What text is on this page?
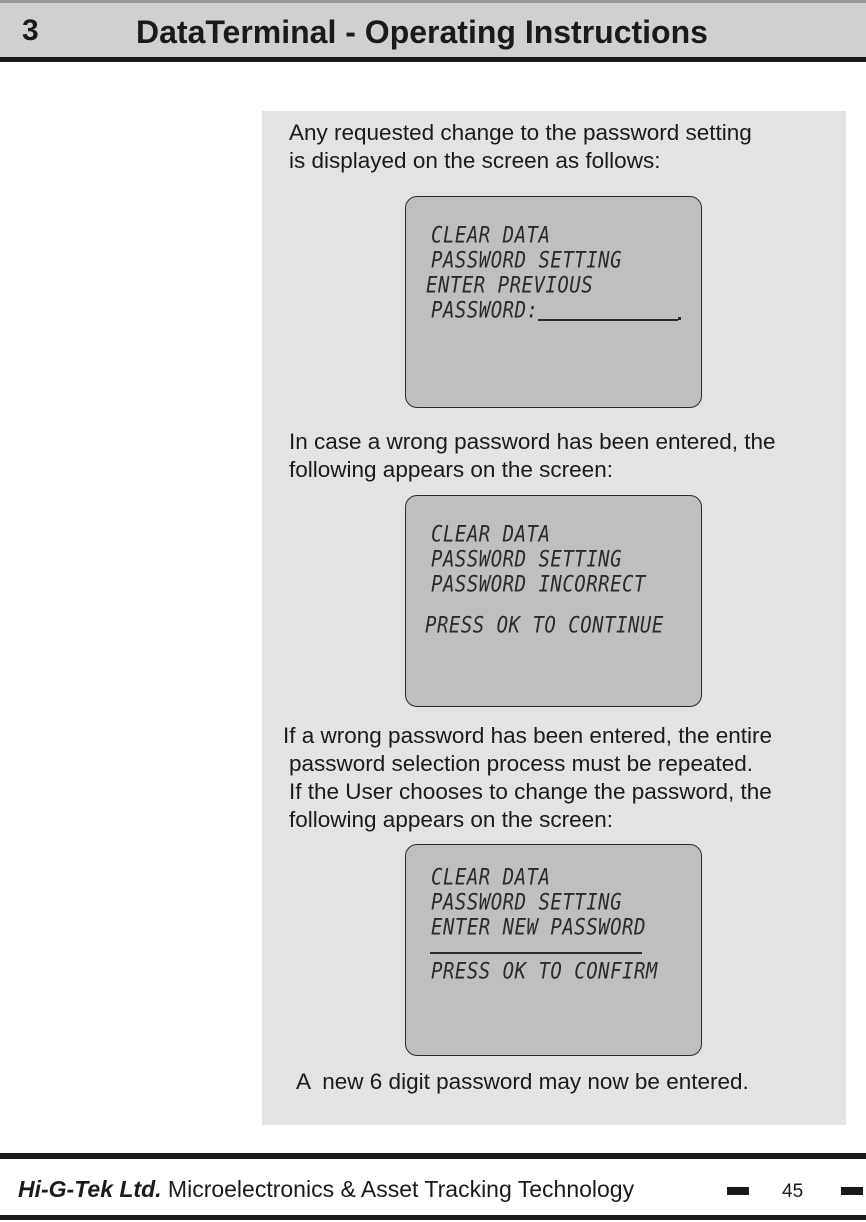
3	DataTerminal - Operating Instructions
Any requested change to the password setting
is displayed on the screen as follows:
CLEAR DATA
PASSWORD SETTING
ENTER PREVIOUS
PASSWORD:
In case a wrong password has been entered, the
following appears on the screen:
CLEAR DATA
PASSWORD SETTING
PASSWORD INCORRECT
PRESS OK TO CONTINUE
If a wrong password has been entered, the entire
password selection process must be repeated.
If the User chooses to change the password, the
following appears on the screen:
CLEAR DATA
PASSWORD SETTING
ENTER NEW PASSWORD
PRESS OK TO CONFIRM
A  new 6 digit password may now be entered.
Hi-G-Tek Ltd. Microelectronics & Asset Tracking Technology	45
